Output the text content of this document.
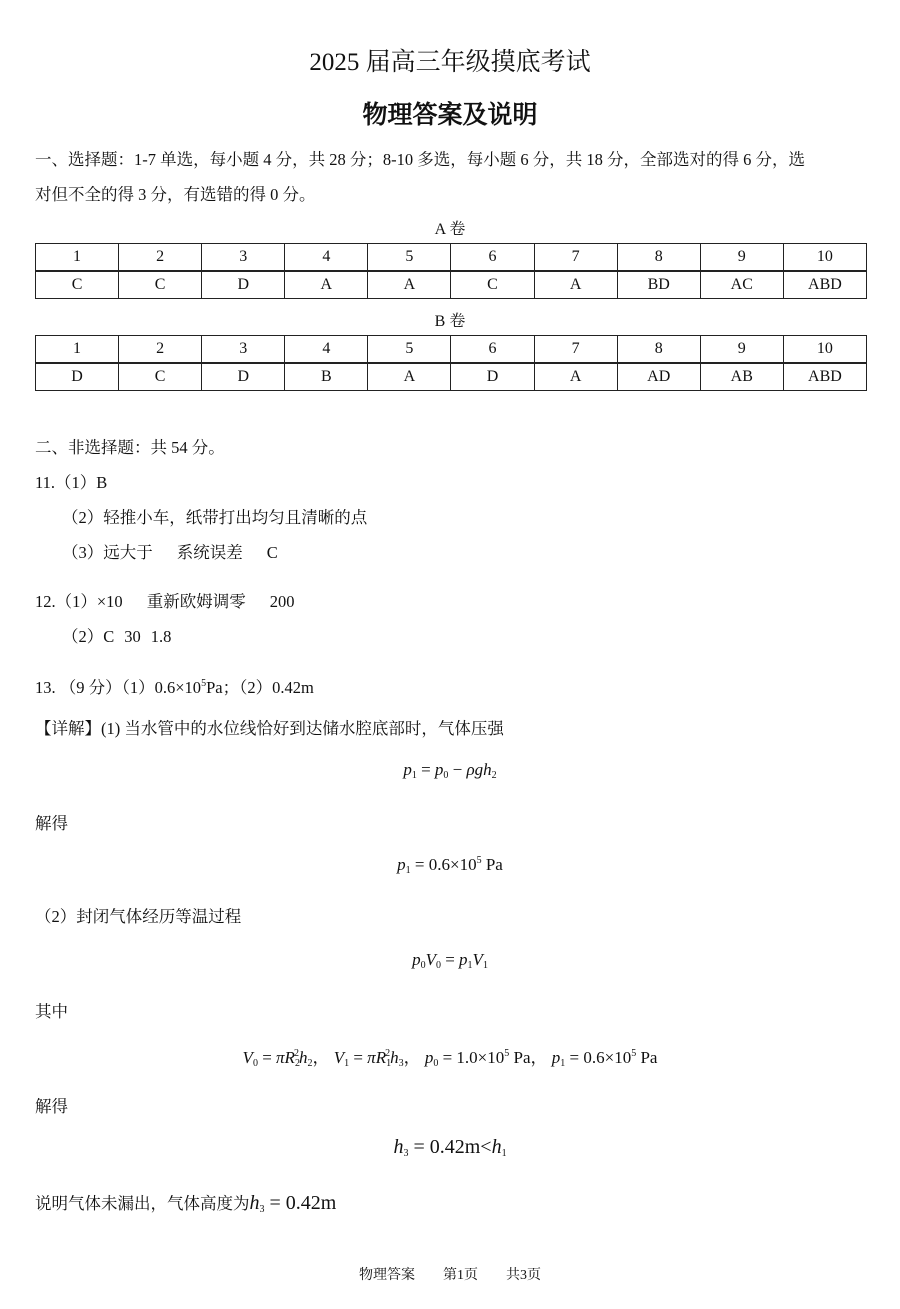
2025 届高三年级摸底考试
物理答案及说明
一、选择题：1-7 单选，每小题 4 分，共 28 分；8-10 多选，每小题 6 分，共 18 分，全部选对的得 6 分，选
对但不全的得 3 分，有选错的得 0 分。
A 卷
1	2	3	4	5	6	7	8	9	10
C	C	D	A	A	C	A	BD	AC	ABD
B 卷
1	2	3	4	5	6	7	8	9	10
D	C	D	B	A	D	A	AD	AB	ABD
二、非选择题：共 54 分。
11.（1）B
（2）轻推小车，纸带打出均匀且清晰的点
（3）远大于 系统误差 C
12.（1）×10 重新欧姆调零 200
（2）C 30 1.8
13. （9 分）$(1)0.6\times 10^5Pa$；（2）0.42m
【详解】(1) 当水管中的水位线恰好到达储水腔底部时，气体压强
$p_1 = p_0 - \rho gh_2$
解得
$p_1 = 0.6\times 10^5$ Pa
（2）封闭气体经历等温过程
$p_0V_0 = p_1V_1$
其中
$V_0 = \pi R_2^2h_2$， $V_1 = \pi R_1^2h_3$， $p_0 = 1.0\times 10^5$ Pa， $p_1 = 0.6\times 10^5$ Pa
解得
$h_3 = 0.42m<h_1$
说明气体未漏出，气体高度为$h_3 = 0.42m$
物理答案 第1页 共3页
